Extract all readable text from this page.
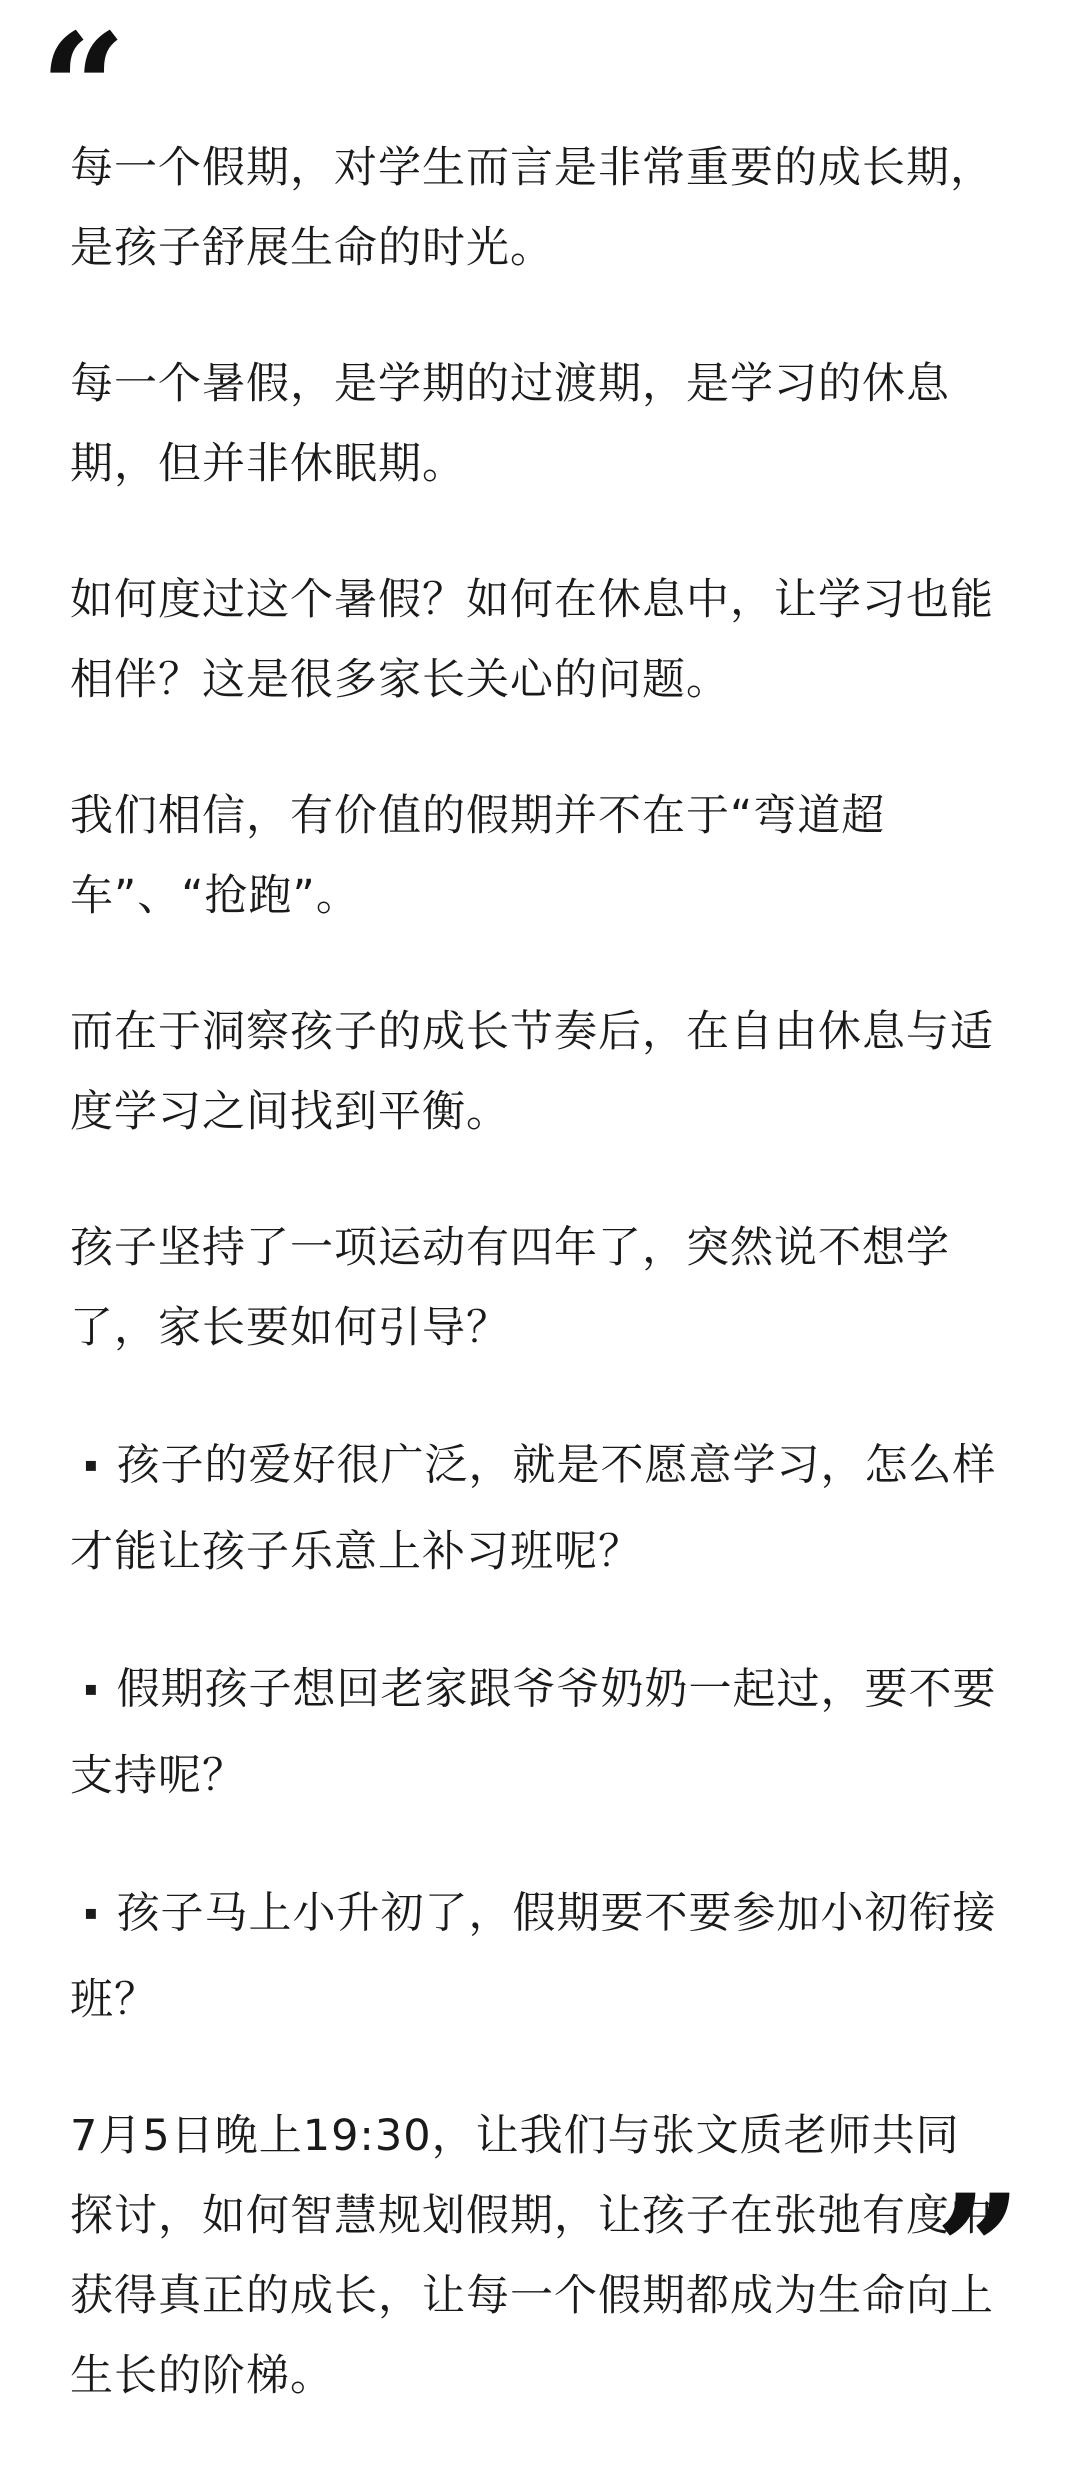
“

每一个假期，对学生而言是非常重要的成长期，是孩子舒展生命的时光。

每一个暑假，是学期的过渡期，是学习的休息期，但并非休眠期。

如何度过这个暑假？如何在休息中，让学习也能相伴？这是很多家长关心的问题。

我们相信，有价值的假期并不在于“弯道超车”、“抢跑”。

而在于洞察孩子的成长节奏后，在自由休息与适度学习之间找到平衡。

孩子坚持了一项运动有四年了，突然说不想学了，家长要如何引导？

▪ 孩子的爱好很广泛，就是不愿意学习，怎么样才能让孩子乐意上补习班呢？

▪ 假期孩子想回老家跟爷爷奶奶一起过，要不要支持呢？

▪ 孩子马上小升初了，假期要不要参加小初衔接班？

7月5日晚上19:30，让我们与张文质老师共同探讨，如何智慧规划假期，让孩子在张弛有度中获得真正的成长，让每一个假期都成为生命向上生长的阶梯。

”
